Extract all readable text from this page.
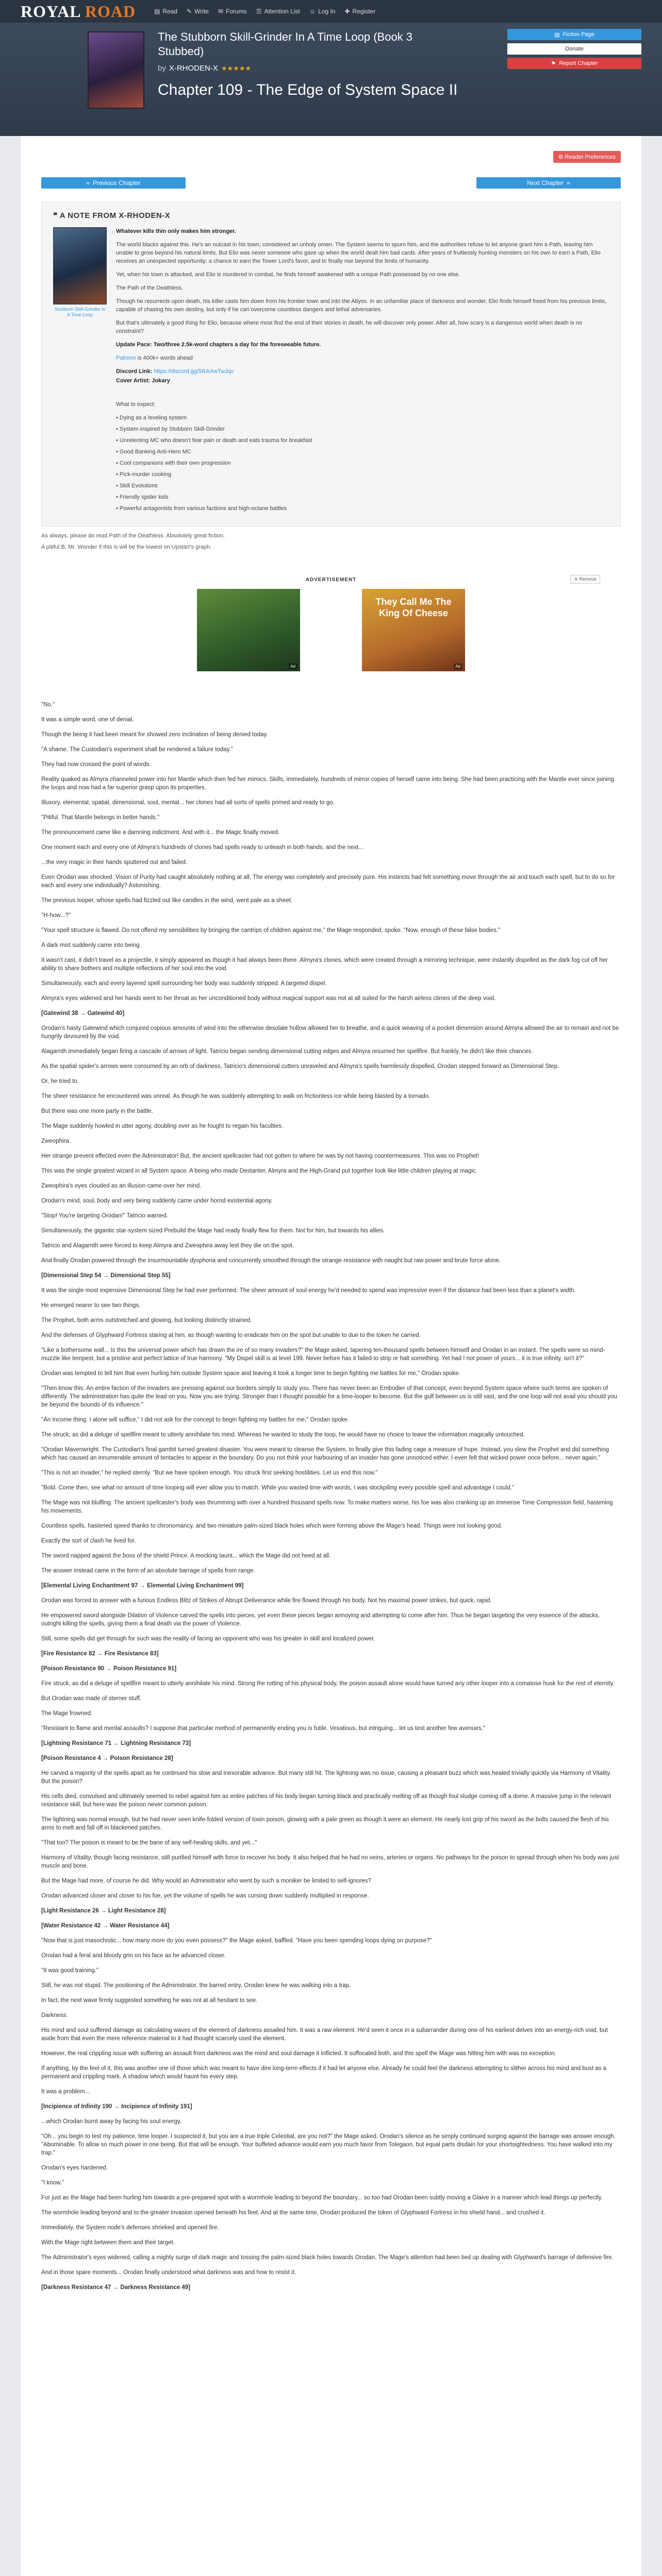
ROYAL ROAD	▤ Read ✎ Write ✉ Forums ☰ Attention List ☺ Log In ✚ Register
The Stubborn Skill-Grinder In A Time Loop (Book 3 Stubbed)
by X-RHODEN-X ★★★★★
Chapter 109 - The Edge of System Space II
▤ Fiction Page
Donate
⚑ Report Chapter
⚙ Reader Preferences
« Previous Chapter	Next Chapter »
❝ A NOTE FROM X-RHODEN-X
Stubborn Skill-Grinder in A Time Loop

Whatever kills thin only makes him stronger.

The world blacks against this. He's an outcast in his town, considered an unholy omen. The System seems to spurn him, and the authorities refuse to let anyone grant him a Path, leaving him unable to grow beyond his natural limits. But Elio was never someone who gave up when the world dealt him bad cards. After years of fruitlessly hunting monsters on his own to earn a Path, Elio receives an unexpected opportunity: a chance to earn the Tower Lord's favor, and to finally rise beyond the limits of humanity.

Yet, when his town is attacked, and Elio is murdered in combat, he finds himself awakened with a unique Path possessed by no one else.

The Path of the Deathless.

Though he resurrects upon death, his killer casts him down from his frontier town and into the Abyss. In an unfamiliar place of darkness and wonder, Elio finds himself freed from his previous limits, capable of chasing his own destiny, but only if he can overcome countless dangers and lethal adversaries.

But that's ultimately a good thing for Elio, because where most find the end of their stories in death, he will discover only power. After all, how scary is a dangerous world when death is no constraint?

Update Pace: Two/three 2.5k-word chapters a day for the foreseeable future.

Patreon is 400k+ words ahead

Discord Link: https://discord.gg/5RAXwTwJqv

Cover Artist: Jokary

What to expect:

• Dying as a leveling system
• System inspired by Stubborn Skill-Grinder
• Unrelenting MC who doesn't fear pain or death and eats trauma for breakfast
• Good Banking Anti-Hero MC
• Cool companions with their own progression
• Pick-murder cooking
• Skill Evolutions
• Friendly spider kids
• Powerful antagonists from various factions and high-octane battles
As always, please do read Path of the Deathless. Absolutely great fiction.
A pitiful B, Mr. Wonder if this is will be the lowest on Upstart's graph.
ADVERTISEMENT	✕ Remove
Ad
They Call Me The King Of Cheese
Ad

"No."

It was a simple word, one of denial.

Though the being it had been meant for showed zero inclination of being denied today.

"A shame. The Custodian's experiment shall be rendered a failure today."

They had now crossed the point of words.

Reality quaked as Almyra channeled power into her Mantle which then fed her mimics. Skills, immediately, hundreds of mirror copies of herself came into being. She had been practicing with the Mantle ever since joining the loops and now had a far superior grasp upon its properties.

Illusory, elemental, spatial, dimensional, soul, mental... her clones had all sorts of spells primed and ready to go.

"Pitiful. That Mantle belongs in better hands."

The pronouncement came like a damning indictment. And with it... the Magic finally moved.

One moment each and every one of Almyra's hundreds of clones had spells ready to unleash in both hands, and the next...

...the very magic in their hands sputtered out and failed.

Even Orodan was shocked. Vision of Purity had caught absolutely nothing at all. The energy was completely and precisely pure. His instincts had felt something move through the air and touch each spell, but to do so for each and every one individually? Astonishing.

The previous looper, whose spells had fizzled out like candles in the wind, went pale as a sheet.

"H-how...?"

"Your spell structure is flawed. Do not offend my sensibilities by bringing the cantrips of children against me," the Mage responded, spoke. "Now, enough of these false bodies."

A dark mist suddenly came into being.

It wasn't cast, it didn't travel as a projectile, it simply appeared as though it had always been there. Almyra's clones, which were created through a mirroring technique, were instantly dispelled as the dark fog cut off her ability to share bothers and multiple reflections of her soul into the void.

Simultaneously, each and every layered spell surrounding her body was suddenly stripped. A targeted dispel.

Almyra's eyes widened and her hands went to her throat as her unconditioned body without magical support was not at all suited for the harsh airless climes of the deep void.

[Gatewind 38 → Gatewind 40]

Orodan's hasty Gatewind which conjured copious amounts of wind into the otherwise desolate hollow allowed her to breathe, and a quick weaving of a pocket dimension around Almyra allowed the air to remain and not be hungrily devoured by the void.

Alagarnth immediately began firing a cascade of arrows of light. Tatricio began sending dimensional cutting edges and Almyra resumed her spellfire. But frankly, he didn't like their chances.

As the spatial spider's arrows were consumed by an orb of darkness, Tatricio's dimensional cutters unraveled and Almyra's spells harmlessly dispelled, Orodan stepped forward as Dimensional Step.

Or, he tried to.

The sheer resistance he encountered was unreal. As though he was suddenly attempting to walk on frictionless ice while being blasted by a tornado.

But there was one more party in the battle.

The Mage suddenly howled in utter agony, doubling over as he fought to regain his faculties.

Zweophira.

Her strange prevent effected even the Administrator! But, the ancient spellcaster had not gotten to where he was by not having countermeasures. This was no Prophet!

This was the single greatest wizard in all System space. A being who made Destanter, Almyra and the High-Grand put together look like little children playing at magic.

Zweophira's eyes clouded as an illusion came over her mind.

Orodan's mind, soul, body and very being suddenly came under horrid existential agony.

"Stop! You're targeting Orodan!" Tatricio warned.

Simultaneously, the gigantic star-system sized Prebuild the Mage had ready finally flew for them. Not for him, but towards his allies.

Tatricio and Alagarnth were forced to keep Almyra and Zweophira away lest they die on the spot.

And finally Orodan powered through the insurmountable dysphoria and concurrently smoothed through the strange resistance with naught but raw power and brute force alone.

[Dimensional Step 54 → Dimensional Step 55]

It was the single most expensive Dimensional Step he had ever performed. The sheer amount of soul energy he'd needed to spend was impressive even if the distance had been less than a planet's width.

He emerged nearer to see two things.

The Prophet, both arms outstretched and glowing, but looking distinctly strained.

And the defenses of Glyphward Fortress staring at him, as though wanting to eradicate him on the spot but unable to due to the token he carried.

"Like a bothersome wall... Is this the universal power which has drawn the ire of so many invaders?" the Mage asked, tapering ten-thousand spells between himself and Orodan in an instant. The spells were so mind-muzzle like tempest, but a pristine and perfect lattice of true harmony. "My Dispel skill is at level 199. Never before has it failed to strip or halt something. Yet had I not power of yours... it is true infinity, isn't it?"

Orodan was tempted to tell him that even hurling him outside System space and leaving it took a longer time to begin fighting me battles for me," Orodan spoke.

"Then know this. An entire faction of the invaders are pressing against our borders simply to study you. There has never been an Embodier of that concept, even beyond System space where such terms are spoken of differently. The administration has quite the lead on you. Now you are trying. Stronger than I thought possible for a time-looper to become. But the gulf between us is still vast, and the one loop will not avail you should you be beyond the bounds of its influence."

"An Income thing. I alone will suffice," I did not ask for the concept to begin fighting my battles for me," Orodan spoke.

The struck, as did a deluge of spellfire meant to utterly annihilate his mind. Whereas he wanted to study the loop, he would have no choice to leave the information magically untouched.

"Orodan Mavenwright. The Custodian's final gambit turned greatest disaster. You were meant to cleanse the System, to finally give this fading cage a measure of hope. Instead, you slew the Prophet and did something which has caused an innumerable amount of tentacles to appear in the boundary. Do you not think your harbouring of an invader has gone unnoticed either. I even felt that wicked power once before... never again."

"This is not an invader," he replied sternly. "But we have spoken enough. You struck first seeking hostilities. Let us end this now."

"Bold. Come then, see what no amount of time looping will ever allow you to match. While you wasted time with words, I was stockpiling every possible spell and advantage I could."

The Mage was not bluffing. The ancient spellcaster's body was thrumming with over a hundred thousand spells now. To make matters worse, his foe was also cranking up an immense Time Compression field, hastening his movements.

Countless spells, hastened speed thanks to chronomancy, and two miniature palm-sized black holes which were forming above the Mage's head. Things were not looking good.

Exactly the sort of clash he lived for.

The sword napped against the boss of the shield Prince. A mocking taunt... which the Mage did not heed at all.

The answer instead came in the form of an absolute barrage of spells from range.

[Elemental Living Enchantment 97 → Elemental Living Enchantment 99]

Orodan was forced to answer with a furious Endless Blitz of Strikes of Abrupt Deliverance while fire flowed through his body. Not his maximal power strikes, but quick, rapid.

He empowered sword alongside Dilation of Violence carved the spells into pieces, yet even these pieces began annoying and attempting to come after him. Thus he began targeting the very essence of the attacks, outright killing the spells, giving them a final death via the power of Violence.

Still, some spells did get through for such was the reality of facing an opponent who was his greater in skill and localized power.

[Fire Resistance 82 → Fire Resistance 83]

[Poison Resistance 90 → Poison Resistance 91]

Fire struck, as did a deluge of spellfire meant to utterly annihilate his mind. Strong the rotting of his physical body, the poison assault alone would have turned any other looper into a comatose husk for the rest of eternity.

But Orodan was made of sterner stuff.

The Mage frowned.

"Resistant to flame and mental assaults? I suppose that particular method of permanently ending you is futile. Vexatious, but intriguing... let us test another few avenues."

[Lightning Resistance 71 → Lightning Resistance 73]

[Poison Resistance 4 → Poison Resistance 28]

He carved a majority of the spells apart as he continued his slow and inexorable advance. But many still hit. The lightning was no issue, causing a pleasant buzz which was healed trivially quickly via Harmony of Vitality. But the poison?

His cells died, convulsed and ultimately seemed to rebel against him as entire patches of his body began turning black and practically melting off as though foul sludge coming off a dome. A massive jump in the relevant resistance skill, but here was the poison never common poison.

The lightning was normal enough, but he had never seen knife-folded version of toxin poison, glowing with a pale green as though it were an element. He nearly lost grip of his sword as the bolts caused the flesh of his arms to melt and fall off in blackened patches.

"That too? The poison is meant to be the bane of any self-healing skills, and yet..."

Harmony of Vitality, though facing resistance, still purified himself with force to recover his body. It also helped that he had no veins, arteries or organs. No pathways for the poison to spread through when his body was just muscle and bone.

But the Mage had more, of course he did. Why would an Administrator who went by such a moniker be limited to self-ignores?

Orodan advanced closer and closer to his foe, yet the volume of spells he was cursing down suddenly multiplied in response.

[Light Resistance 26 → Light Resistance 28]

[Water Resistance 42 → Water Resistance 44]

"Now that is just masochistic... how many more do you even possess?" the Mage asked, baffled. "Have you been spending loops dying on purpose?"

Orodan had a feral and bloody grin on his face as he advanced closer.

"It was good training."

Still, he was not stupid. The positioning of the Administrator, the barred entry, Orodan knew he was walking into a trap.

In fact, the next wave firmly suggested something he was not at all hesitant to see.

Darkness.

His mind and soul suffered damage as calculating waves of the element of darkness assailed him. It was a raw element. He'd seen it once in a subarrander during one of his earliest delves into an energy-rich void, but aside from that even the mere reference material to it had thought scarcely used the element.

However, the real crippling issue with suffering an assault from darkness was the mind and soul damage it inflicted. It suffocated both, and this spell the Mage was hitting him with was no exception.

If anything, by the feel of it, this was another one of those which was meant to have dire long-term effects if it had let anyone else. Already he could feel the darkness attempting to slither across his mind and bust as a permanent and crippling mark. A shadow which would haunt his every step.

It was a problem...

[Incipience of Infinity 190 → Incipience of Infinity 191]

...which Orodan burnt away by facing his soul energy.

"Oh... you begin to test my patience, time looper. I suspected it, but you are a true triple Celestial, are you not?" the Mage asked. Orodan's silence as he simply continued surging against the barrage was answer enough. "Abominable. To allow so much power in one being. But that will be enough. Your buffeted advance would earn you much favor from Tolegaon, but equal parts disdain for your shortsightedness. You have walked into my trap."

Orodan's eyes hardened.

"I know."

For just as the Mage had been hurling him towards a pre-prepared spot with a wormhole leading to beyond the boundary... so too had Orodan been subtly moving a Glaive in a manner which lead things up perfectly.

The wormhole leading beyond and to the greater invasion opened beneath his feet. And at the same time, Orodan produced the token of Glyphward Fortress in his shield hand... and crushed it.

Immediately, the System node's defenses shrieked and opened fire.

With the Mage right between them and their target.

The Administrator's eyes widened, calling a mighty surge of dark magic and tossing the palm-sized black holes towards Orodan. The Mage's attention had been tied up dealing with Glyphward's barrage of defensive fire.

And in those spare moments... Orodan finally understood what darkness was and how to resist it.

[Darkness Resistance 47 → Darkness Resistance 49]
